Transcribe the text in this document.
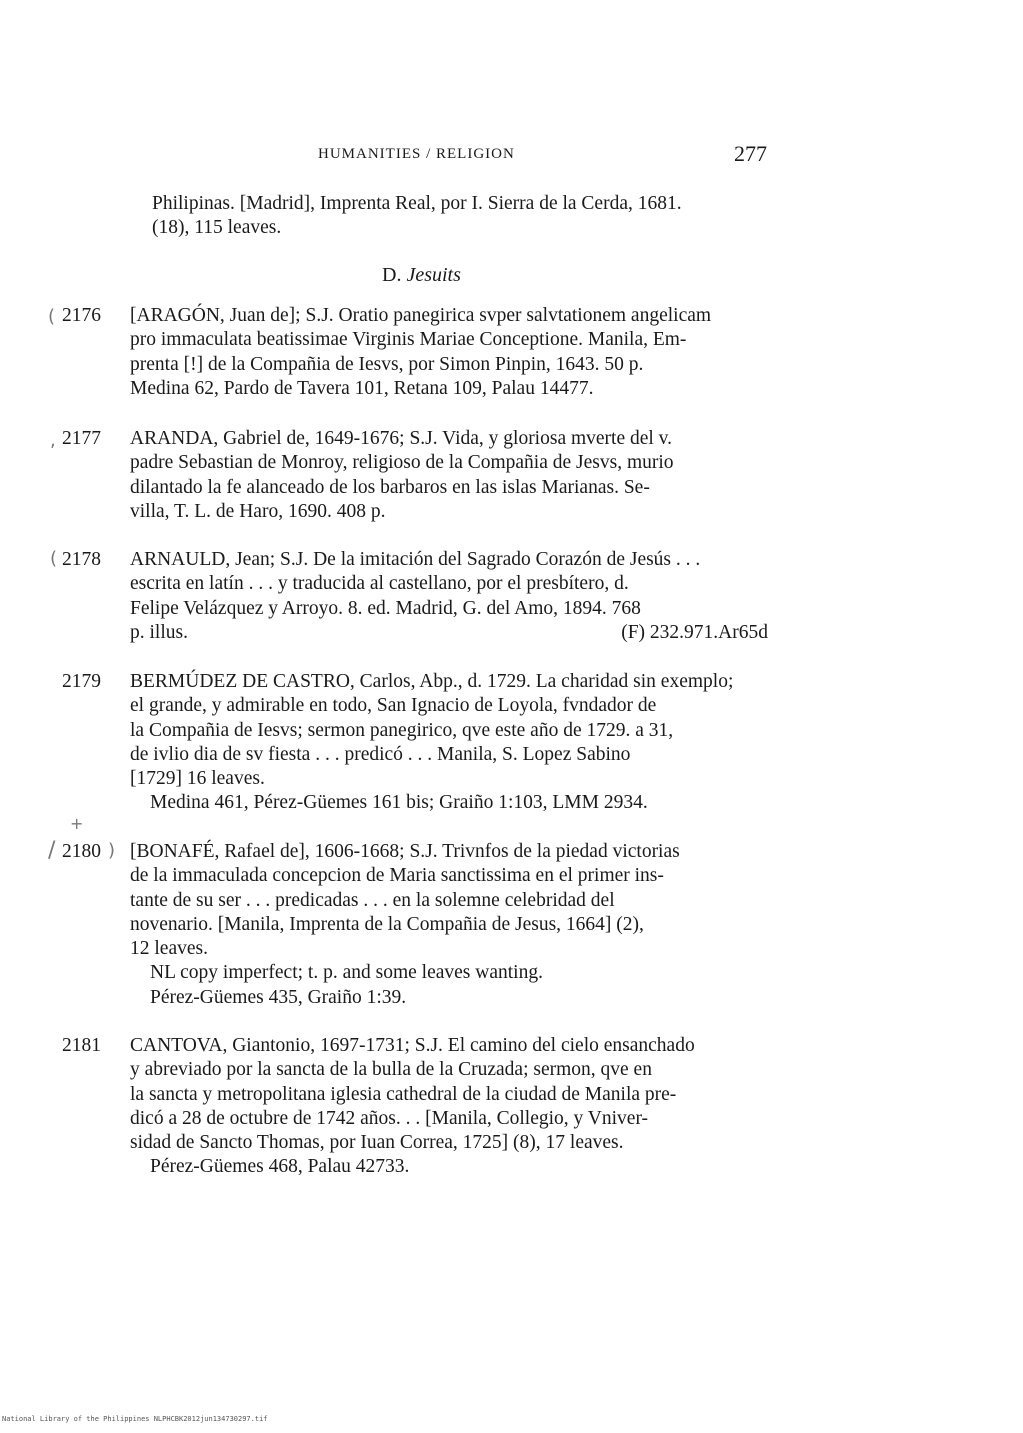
HUMANITIES / RELIGION	277
Philipinas. [Madrid], Imprenta Real, por I. Sierra de la Cerda, 1681.
(18), 115 leaves.
D. Jesuits
2176 [ARAGÓN, Juan de]; S.J. Oratio panegirica svper salvtationem angelicam
pro immaculata beatissimae Virginis Mariae Conceptione. Manila, Em-
prenta [!] de la Compañia de Iesvs, por Simon Pinpin, 1643. 50 p.
Medina 62, Pardo de Tavera 101, Retana 109, Palau 14477.
2177 ARANDA, Gabriel de, 1649-1676; S.J. Vida, y gloriosa mverte del v.
padre Sebastian de Monroy, religioso de la Compañia de Jesvs, murio
dilantado la fe alanceado de los barbaros en las islas Marianas. Se-
villa, T. L. de Haro, 1690. 408 p.
2178 ARNAULD, Jean; S.J. De la imitación del Sagrado Corazón de Jesús . . .
escrita en latín . . . y traducida al castellano, por el presbítero, d.
Felipe Velázquez y Arroyo. 8. ed. Madrid, G. del Amo, 1894. 768
p. illus.	(F) 232.971.Ar65d
2179 BERMÚDEZ DE CASTRO, Carlos, Abp., d. 1729. La charidad sin exemplo;
el grande, y admirable en todo, San Ignacio de Loyola, fvndador de
la Compañia de Iesvs; sermon panegirico, qve este año de 1729. a 31,
de ivlio dia de sv fiesta . . . predicó . . . Manila, S. Lopez Sabino
[1729] 16 leaves.
Medina 461, Pérez-Güemes 161 bis; Graiño 1:103, LMM 2934.
2180 [BONAFÉ, Rafael de], 1606-1668; S.J. Trivnfos de la piedad victorias
de la immaculada concepcion de Maria sanctissima en el primer ins-
tante de su ser . . . predicadas . . . en la solemne celebridad del
novenario. [Manila, Imprenta de la Compañia de Jesus, 1664] (2),
12 leaves.
NL copy imperfect; t. p. and some leaves wanting.
Pérez-Güemes 435, Graiño 1:39.
2181 CANTOVA, Giantonio, 1697-1731; S.J. El camino del cielo ensanchado
y abreviado por la sancta de la bulla de la Cruzada; sermon, qve en
la sancta y metropolitana iglesia cathedral de la ciudad de Manila pre-
dicó a 28 de octubre de 1742 años. . . [Manila, Collegio, y Vniver-
sidad de Sancto Thomas, por Iuan Correa, 1725] (8), 17 leaves.
Pérez-Güemes 468, Palau 42733.
(
,
(
/	)
+
National Library of the Philippines NLPHCBK2012jun134730297.tif
